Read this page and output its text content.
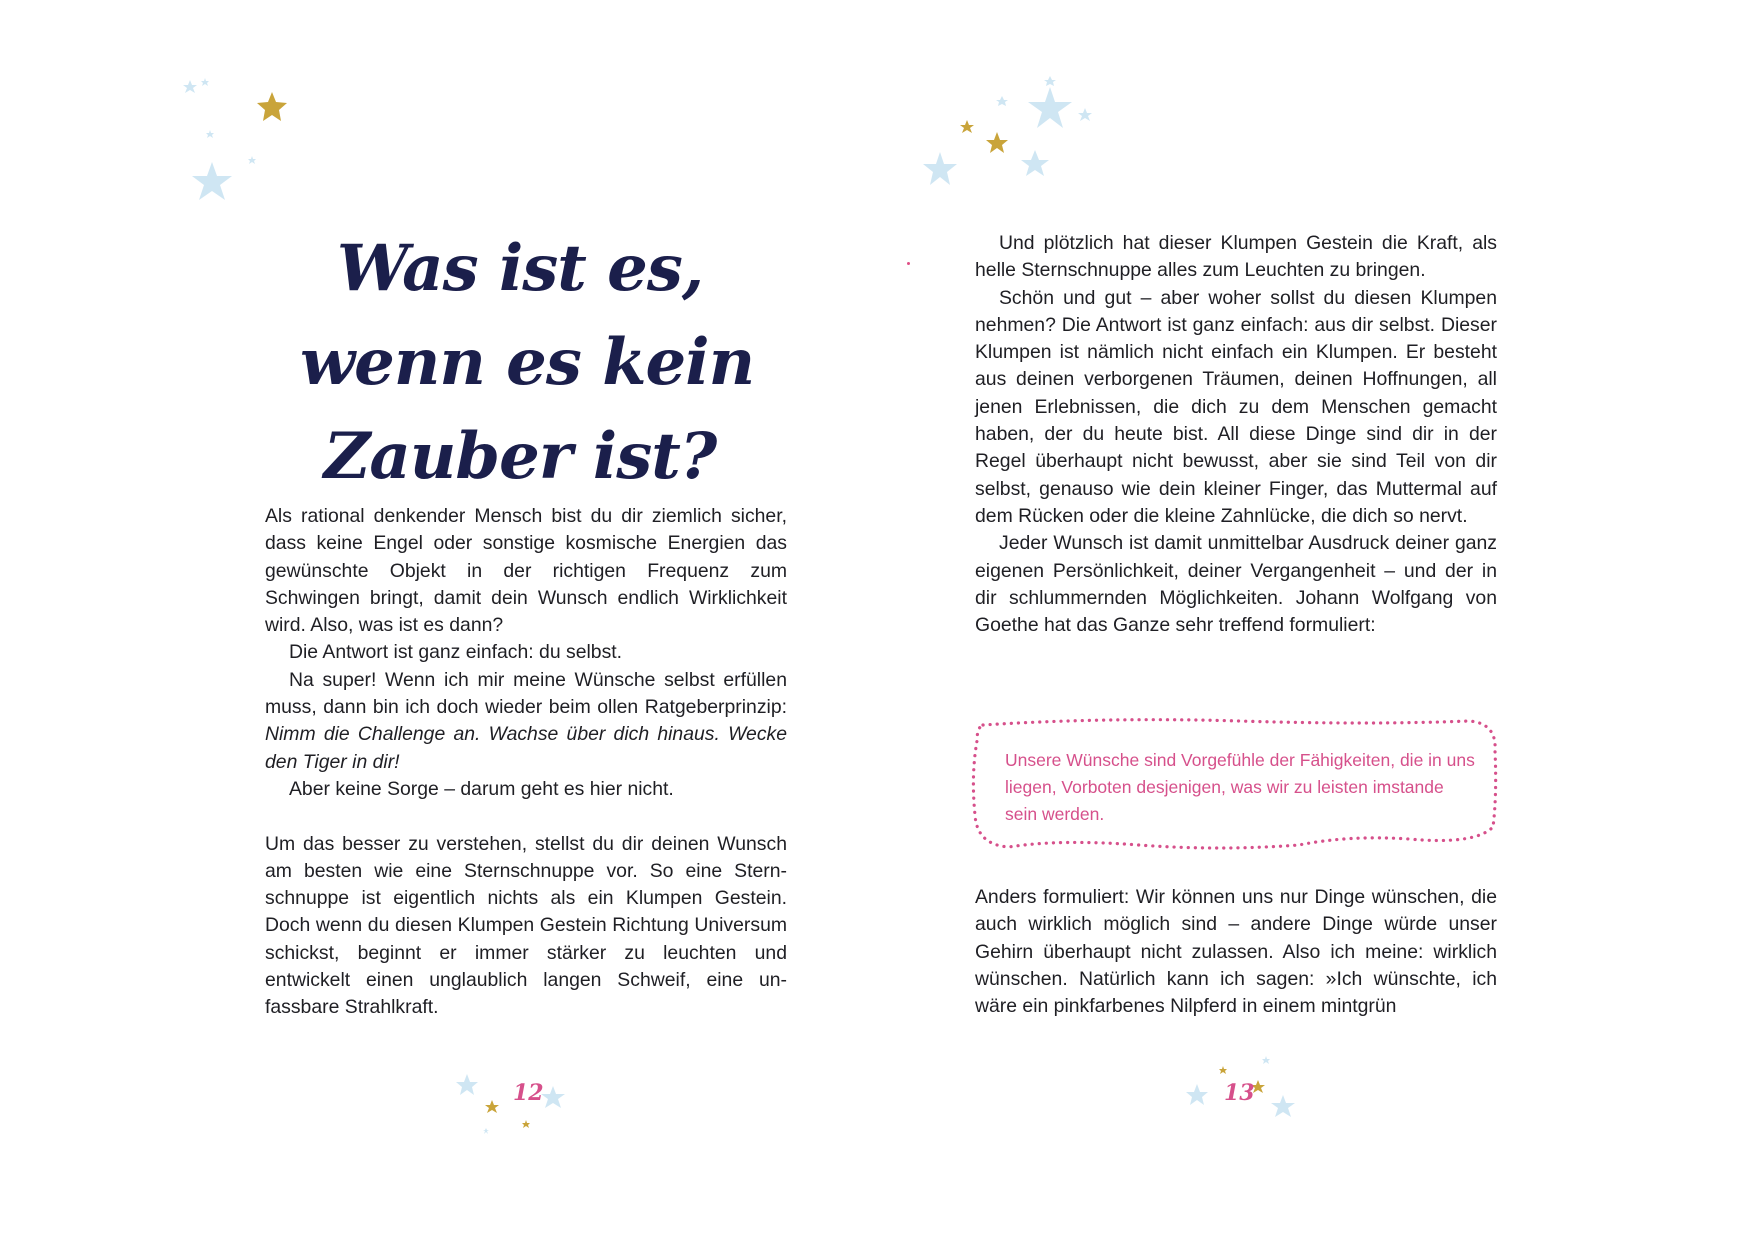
Was ist es,
wenn es kein
Zauber ist?

Als rational denkender Mensch bist du dir ziemlich sicher, dass keine Engel oder sonstige kosmische Energien das gewünschte Objekt in der richtigen Frequenz zum Schwingen bringt, damit dein Wunsch endlich Wirklichkeit wird. Also, was ist es dann?

Die Antwort ist ganz einfach: du selbst.

Na super! Wenn ich mir meine Wünsche selbst erfüllen muss, dann bin ich doch wieder beim ollen Ratgeberprinzip: Nimm die Challenge an. Wachse über dich hinaus. Wecke den Tiger in dir!

Aber keine Sorge – darum geht es hier nicht.

Um das besser zu verstehen, stellst du dir deinen Wunsch am besten wie eine Sternschnuppe vor. So eine Sternschnuppe ist eigentlich nichts als ein Klumpen Gestein. Doch wenn du diesen Klumpen Gestein Richtung Universum schickst, beginnt er immer stärker zu leuchten und entwickelt einen unglaublich langen Schweif, eine unfassbare Strahlkraft.

12

Und plötzlich hat dieser Klumpen Gestein die Kraft, als helle Sternschnuppe alles zum Leuchten zu bringen.

Schön und gut – aber woher sollst du diesen Klumpen nehmen? Die Antwort ist ganz einfach: aus dir selbst. Dieser Klumpen ist nämlich nicht einfach ein Klumpen. Er besteht aus deinen verborgenen Träumen, deinen Hoffnungen, all jenen Erlebnissen, die dich zu dem Menschen gemacht haben, der du heute bist. All diese Dinge sind dir in der Regel überhaupt nicht bewusst, aber sie sind Teil von dir selbst, genauso wie dein kleiner Finger, das Muttermal auf dem Rücken oder die kleine Zahnlücke, die dich so nervt.

Jeder Wunsch ist damit unmittelbar Ausdruck deiner ganz eigenen Persönlichkeit, deiner Vergangenheit – und der in dir schlummernden Möglichkeiten. Johann Wolfgang von Goethe hat das Ganze sehr treffend formuliert:

Unsere Wünsche sind Vorgefühle der Fähigkeiten, die in uns liegen, Vorboten desjenigen, was wir zu leisten imstande sein werden.

Anders formuliert: Wir können uns nur Dinge wünschen, die auch wirklich möglich sind – andere Dinge würde unser Gehirn überhaupt nicht zulassen. Also ich meine: wirklich wünschen. Natürlich kann ich sagen: »Ich wünschte, ich wäre ein pinkfarbenes Nilpferd in einem mintgrün

13
